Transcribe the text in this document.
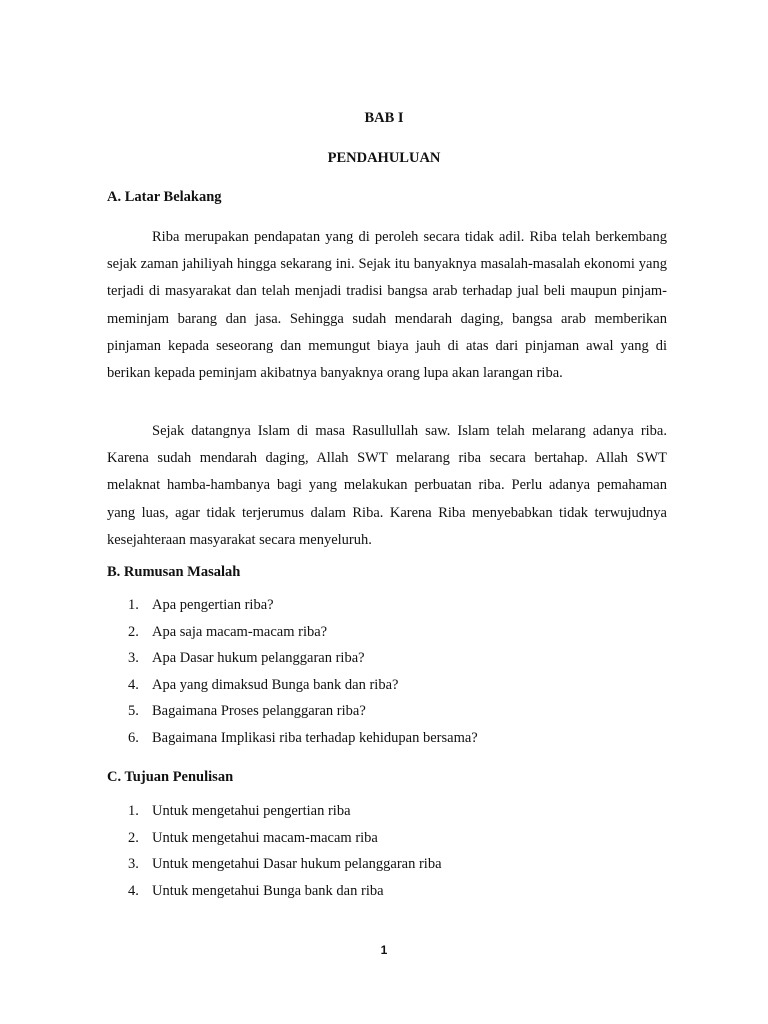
BAB I
PENDAHULUAN
A. Latar Belakang

Riba merupakan pendapatan yang di peroleh secara tidak adil. Riba telah berkembang sejak zaman jahiliyah hingga sekarang ini. Sejak itu banyaknya masalah-masalah ekonomi yang terjadi di masyarakat dan telah menjadi tradisi bangsa arab terhadap jual beli maupun pinjam-meminjam barang dan jasa. Sehingga sudah mendarah daging, bangsa arab memberikan pinjaman kepada seseorang dan memungut biaya jauh di atas dari pinjaman awal yang di berikan kepada peminjam akibatnya banyaknya orang lupa akan larangan riba.

Sejak datangnya Islam di masa Rasullullah saw. Islam telah melarang adanya riba. Karena sudah mendarah daging, Allah SWT melarang riba secara bertahap. Allah SWT melaknat hamba-hambanya bagi yang melakukan perbuatan riba. Perlu adanya pemahaman yang luas, agar tidak terjerumus dalam Riba. Karena Riba menyebabkan tidak terwujudnya kesejahteraan masyarakat secara menyeluruh.

B. Rumusan Masalah
1. Apa pengertian riba?
2. Apa saja macam-macam riba?
3. Apa Dasar hukum pelanggaran riba?
4. Apa yang dimaksud Bunga bank dan riba?
5. Bagaimana Proses pelanggaran riba?
6. Bagaimana Implikasi riba terhadap kehidupan bersama?
C. Tujuan Penulisan
1. Untuk mengetahui pengertian riba
2. Untuk mengetahui macam-macam riba
3. Untuk mengetahui Dasar hukum pelanggaran riba
4. Untuk mengetahui Bunga bank dan riba
1
